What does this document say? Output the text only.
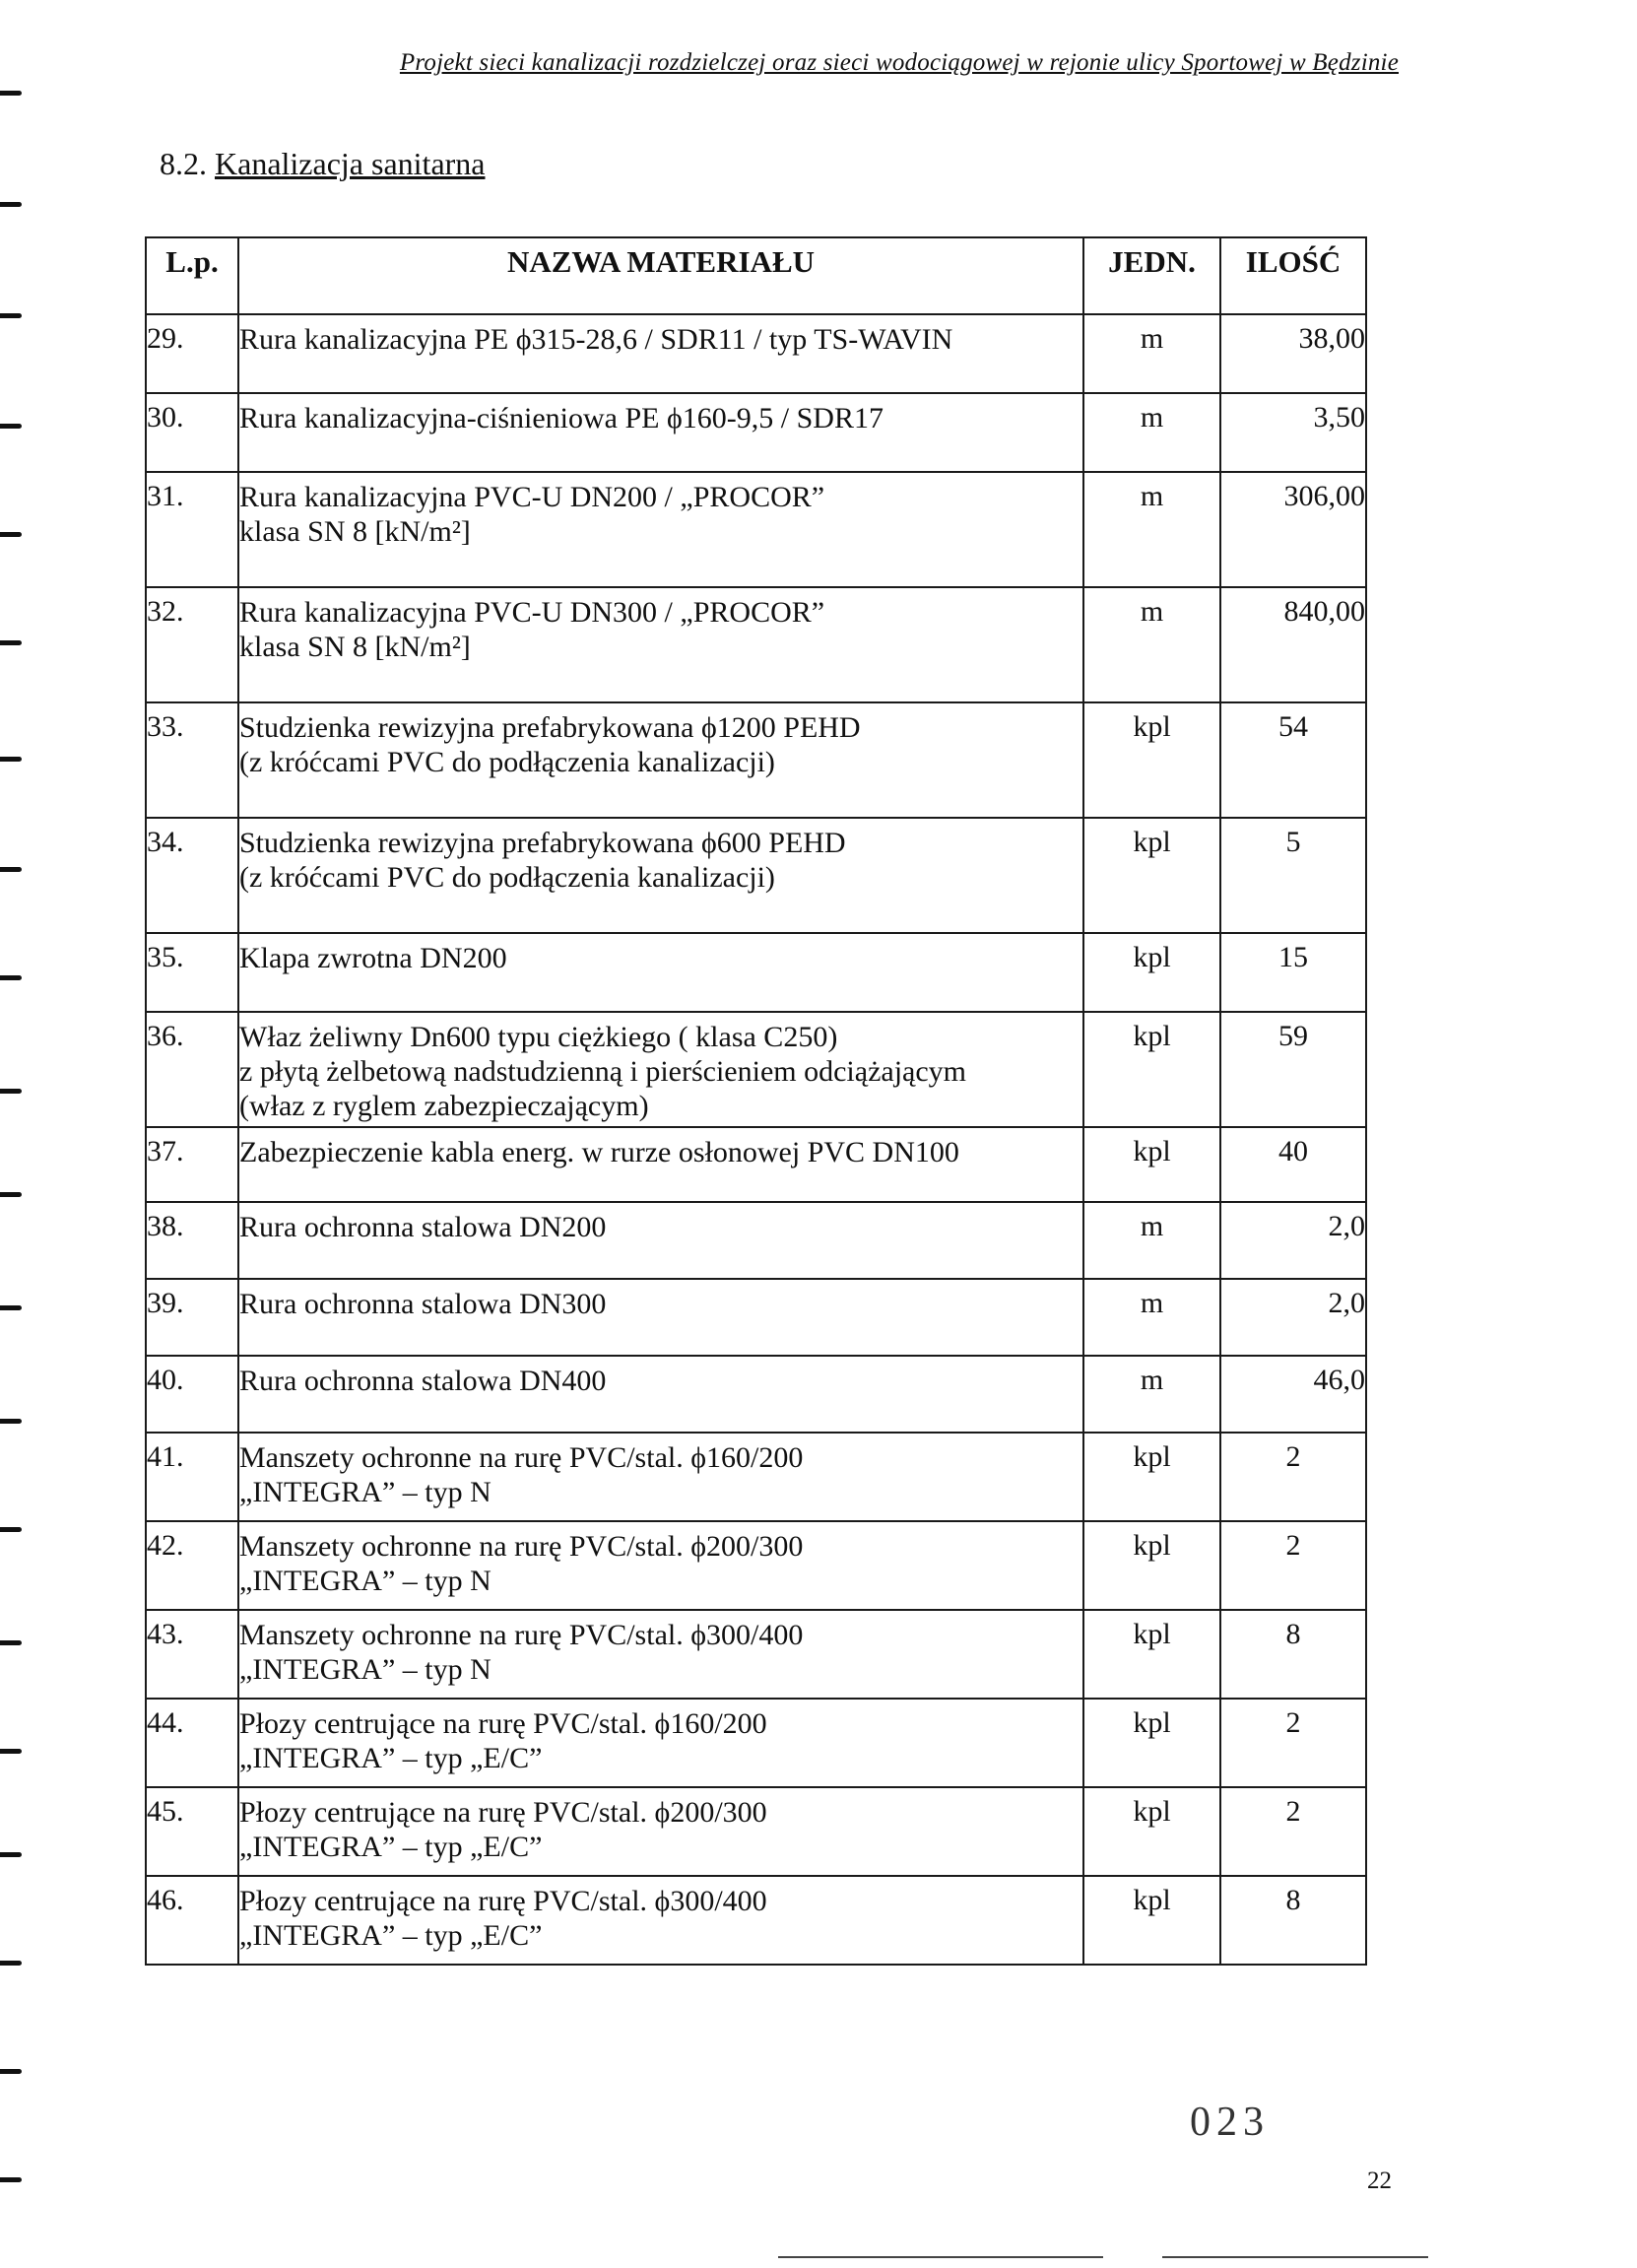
Projekt sieci kanalizacji rozdzielczej oraz sieci wodociągowej w rejonie ulicy Sportowej w Będzinie
8.2. Kanalizacja sanitarna
L.p.	NAZWA MATERIAŁU	JEDN.	ILOŚĆ
29.	Rura kanalizacyjna PE ϕ315-28,6 / SDR11 / typ TS-WAVIN	m	38,00
30.	Rura kanalizacyjna-ciśnieniowa PE ϕ160-9,5 / SDR17	m	3,50
31.	Rura kanalizacyjna PVC-U DN200 / „PROCOR”
klasa SN 8 [kN/m²]	m	306,00
32.	Rura kanalizacyjna PVC-U DN300 / „PROCOR”
klasa SN 8 [kN/m²]	m	840,00
33.	Studzienka rewizyjna prefabrykowana ϕ1200 PEHD
(z króćcami PVC do podłączenia kanalizacji)	kpl	54
34.	Studzienka rewizyjna prefabrykowana ϕ600 PEHD
(z króćcami PVC do podłączenia kanalizacji)	kpl	5
35.	Klapa zwrotna DN200	kpl	15
36.	Właz żeliwny Dn600 typu ciężkiego ( klasa C250)
z płytą żelbetową nadstudzienną i pierścieniem odciążającym
(właz z ryglem zabezpieczającym)	kpl	59
37.	Zabezpieczenie kabla energ. w rurze osłonowej PVC DN100	kpl	40
38.	Rura ochronna stalowa DN200	m	2,0
39.	Rura ochronna stalowa DN300	m	2,0
40.	Rura ochronna stalowa DN400	m	46,0
41.	Manszety ochronne na rurę PVC/stal. ϕ160/200
„INTEGRA” – typ N	kpl	2
42.	Manszety ochronne na rurę PVC/stal. ϕ200/300
„INTEGRA” – typ N	kpl	2
43.	Manszety ochronne na rurę PVC/stal. ϕ300/400
„INTEGRA” – typ N	kpl	8
44.	Płozy centrujące na rurę PVC/stal. ϕ160/200
„INTEGRA” – typ „E/C”	kpl	2
45.	Płozy centrujące na rurę PVC/stal. ϕ200/300
„INTEGRA” – typ „E/C”	kpl	2
46.	Płozy centrujące na rurę PVC/stal. ϕ300/400
„INTEGRA” – typ „E/C”	kpl	8
023
22
